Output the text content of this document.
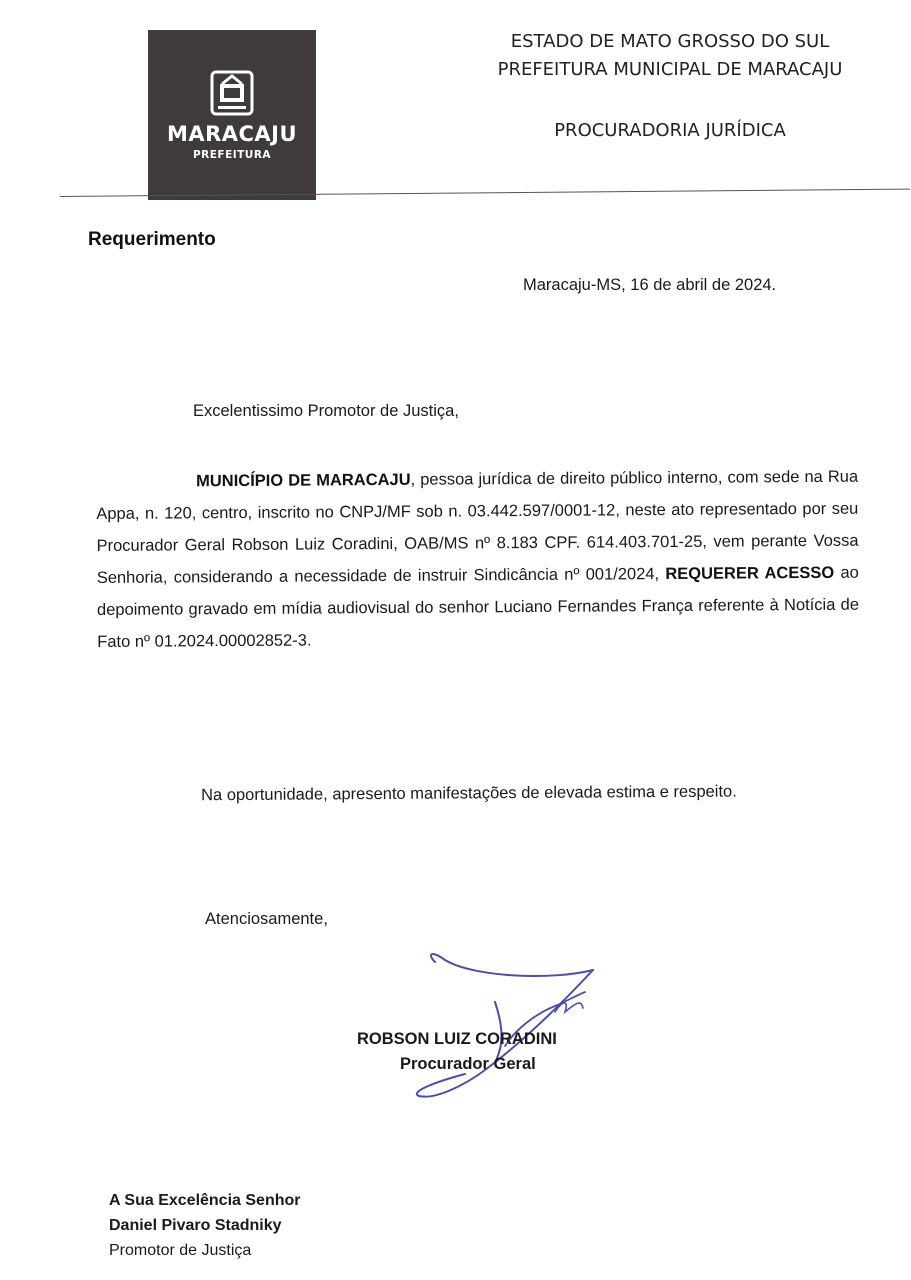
MARACAJU
PREFEITURA
ESTADO DE MATO GROSSO DO SUL
PREFEITURA MUNICIPAL DE MARACAJU
PROCURADORIA JURÍDICA
Requerimento
Maracaju-MS, 16 de abril de 2024.
Excelentissimo Promotor de Justiça,
MUNICÍPIO DE MARACAJU, pessoa jurídica de direito público interno, com sede na Rua Appa, n. 120, centro, inscrito no CNPJ/MF sob n. 03.442.597/0001-12, neste ato representado por seu Procurador Geral Robson Luiz Coradini, OAB/MS nº 8.183 CPF. 614.403.701-25, vem perante Vossa Senhoria, considerando a necessidade de instruir Sindicância nº 001/2024, REQUERER ACESSO ao depoimento gravado em mídia audiovisual do senhor Luciano Fernandes França referente à Notícia de Fato nº 01.2024.00002852-3.
Na oportunidade, apresento manifestações de elevada estima e respeito.
Atenciosamente,
ROBSON LUIZ CORADINI
Procurador Geral
A Sua Excelência Senhor
Daniel Pivaro Stadniky
Promotor de Justiça
